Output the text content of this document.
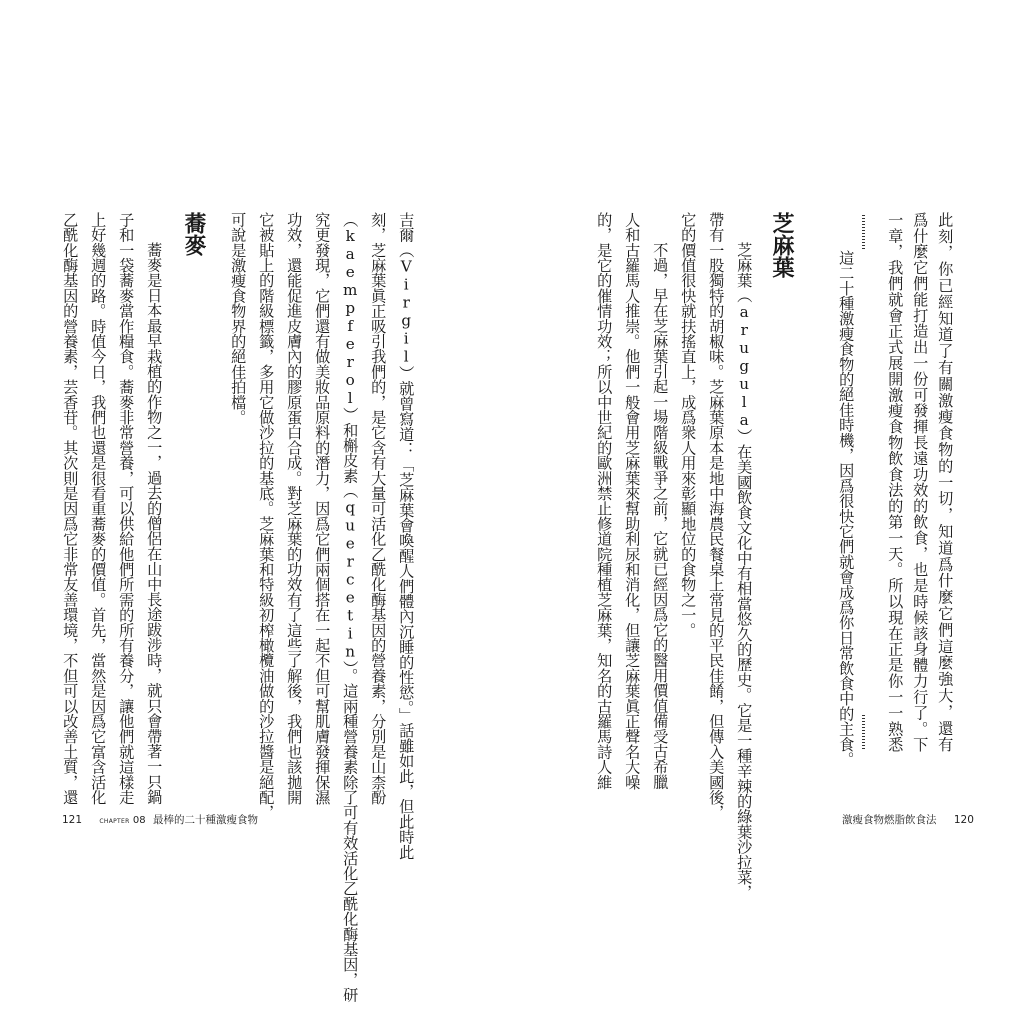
此刻，你已經知道了有關激瘦食物的一切，知道爲什麼它們這麼強大，還有
爲什麼它們能打造出一份可發揮長遠功效的飲食，也是時候該身體力行了。下
一章，我們就會正式展開激瘦食物飲食法的第一天。所以現在正是你一一熟悉
這二十種激瘦食物的絕佳時機，因爲很快它們就會成爲你日常飲食中的主食。
芝麻葉
芝麻葉（arugula）在美國飲食文化中有相當悠久的歷史。它是一種辛辣的綠葉沙拉菜，
帶有一股獨特的胡椒味。芝麻葉原本是地中海農民餐桌上常見的平民佳餚，但傳入美國後，
它的價值很快就扶搖直上，成爲衆人用來彰顯地位的食物之一。
不過，早在芝麻葉引起一場階級戰爭之前，它就已經因爲它的醫用價值備受古希臘
人和古羅馬人推崇。他們一般會用芝麻葉來幫助利尿和消化，但讓芝麻葉眞正聲名大噪
的，是它的催情功效；所以中世紀的歐洲禁止修道院種植芝麻葉，知名的古羅馬詩人維
激瘦食物燃脂飲食法 120
吉爾（Virgil）就曾寫道：「芝麻葉會喚醒人們體內沉睡的性慾。」話雖如此，但此時此
刻，芝麻葉眞正吸引我們的，是它含有大量可活化乙酰化酶基因的營養素，分別是山柰酚
（kaempferol）和槲皮素（quercetin）。這兩種營養素除了可有效活化乙酰化酶基因，研
究更發現，它們還有做美妝品原料的潛力，因爲它們兩個搭在一起不但可幫肌膚發揮保濕
功效，還能促進皮膚內的膠原蛋白合成。對芝麻葉的功效有了這些了解後，我們也該拋開
它被貼上的階級標籤，多用它做沙拉的基底。芝麻葉和特級初榨橄欖油做的沙拉醬是絕配，
可說是激瘦食物界的絕佳拍檔。
蕎麥
蕎麥是日本最早栽植的作物之一，過去的僧侶在山中長途跋涉時，就只會帶著一只鍋
子和一袋蕎麥當作糧食。蕎麥非常營養，可以供給他們所需的所有養分，讓他們就這樣走
上好幾週的路。時值今日，我們也還是很看重蕎麥的價值。首先，當然是因爲它富含活化
乙酰化酶基因的營養素，芸香苷。其次則是因爲它非常友善環境，不但可以改善土質，還
121	CHAPTER 08 最棒的二十種激瘦食物
